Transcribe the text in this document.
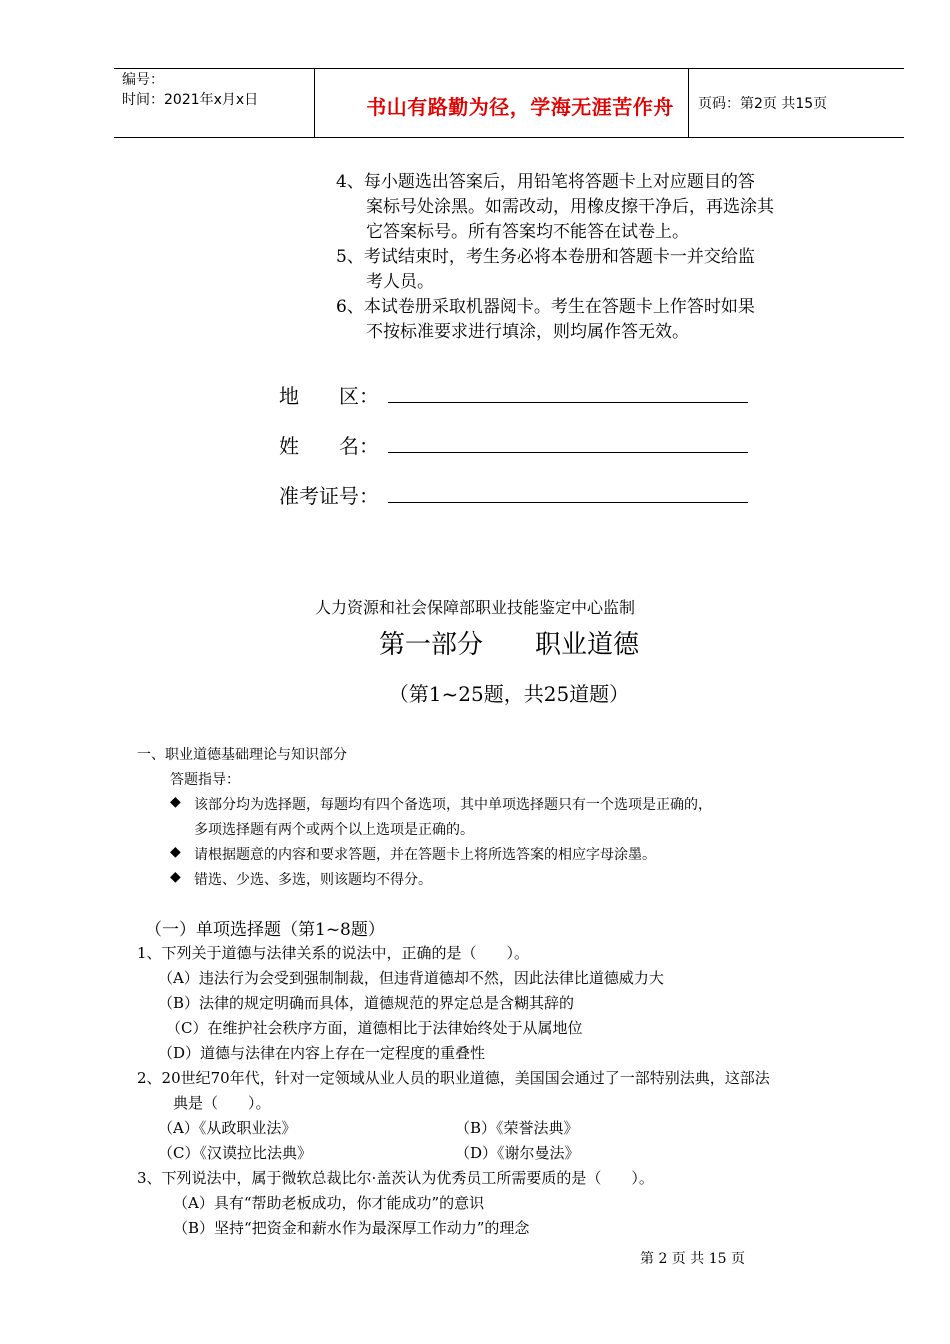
编号：
时间：2021年x月x日	书山有路勤为径，学海无涯苦作舟	页码：第2页 共15页
4、每小题选出答案后，用铅笔将答题卡上对应题目的答
案标号处涂黑。如需改动，用橡皮擦干净后，再选涂其
它答案标号。所有答案均不能答在试卷上。
5、考试结束时，考生务必将本卷册和答题卡一并交给监
考人员。
6、本试卷册采取机器阅卡。考生在答题卡上作答时如果
不按标准要求进行填涂，则均属作答无效。
地　　区：
姓　　名：
准考证号：
人力资源和社会保障部职业技能鉴定中心监制
第一部分　　职业道德
（第1~25题，共25道题）
一、职业道德基础理论与知识部分
答题指导：
◆ 该部分均为选择题，每题均有四个备选项，其中单项选择题只有一个选项是正确的，
多项选择题有两个或两个以上选项是正确的。
◆ 请根据题意的内容和要求答题，并在答题卡上将所选答案的相应字母涂墨。
◆ 错选、少选、多选，则该题均不得分。
（一）单项选择题（第1~8题）
1、下列关于道德与法律关系的说法中，正确的是（　　）。
（A）违法行为会受到强制制裁，但违背道德却不然，因此法律比道德威力大
（B）法律的规定明确而具体，道德规范的界定总是含糊其辞的
（C）在维护社会秩序方面，道德相比于法律始终处于从属地位
（D）道德与法律在内容上存在一定程度的重叠性
2、20世纪70年代，针对一定领域从业人员的职业道德，美国国会通过了一部特别法典，这部法
典是（　　）。
（A）《从政职业法》	（B）《荣誉法典》
（C）《汉谟拉比法典》	（D）《谢尔曼法》
3、下列说法中，属于微软总裁比尔·盖茨认为优秀员工所需要质的是（　　）。
（A）具有“帮助老板成功，你才能成功”的意识
（B）坚持“把资金和薪水作为最深厚工作动力”的理念
第 2 页 共 15 页
